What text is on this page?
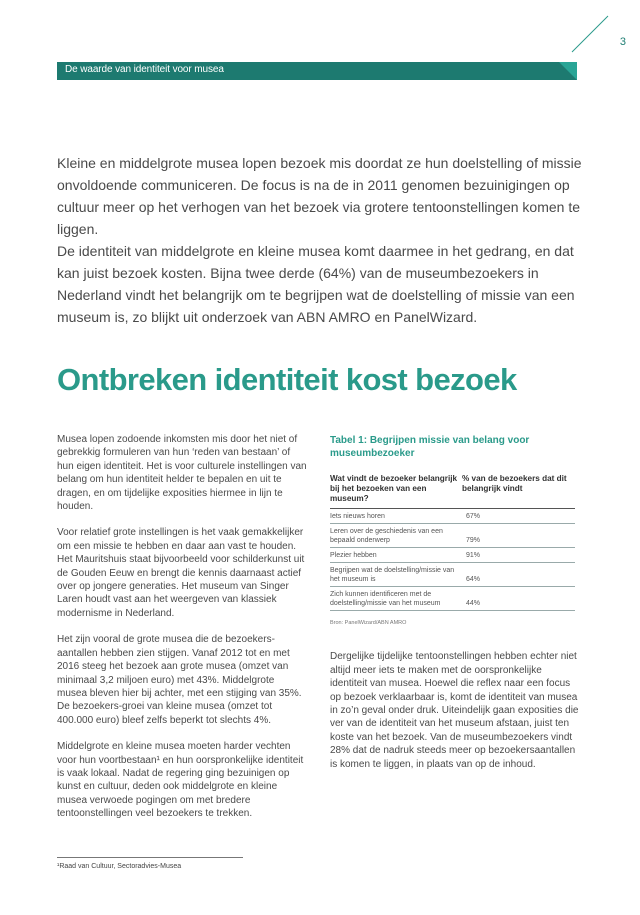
3
De waarde van identiteit voor musea

Kleine en middelgrote musea lopen bezoek mis doordat ze hun doelstelling of missie onvoldoende communiceren. De focus is na de in 2011 genomen bezuinigingen op cultuur meer op het verhogen van het bezoek via grotere tentoonstellingen komen te liggen.

De identiteit van middelgrote en kleine musea komt daarmee in het gedrang, en dat kan juist bezoek kosten. Bijna twee derde (64%) van de museumbezoekers in Nederland vindt het belangrijk om te begrijpen wat de doelstelling of missie van een museum is, zo blijkt uit onderzoek van ABN AMRO en PanelWizard.

Ontbreken identiteit kost bezoek

Musea lopen zodoende inkomsten mis door het niet of gebrekkig formuleren van hun ‘reden van bestaan’ of hun eigen identiteit. Het is voor culturele instellingen van belang om hun identiteit helder te bepalen en uit te dragen, en om tijdelijke exposities hiermee in lijn te houden.

Voor relatief grote instellingen is het vaak gemakkelijker om een missie te hebben en daar aan vast te houden. Het Mauritshuis staat bijvoorbeeld voor schilderkunst uit de Gouden Eeuw en brengt die kennis daarnaast actief over op jongere generaties. Het museum van Singer Laren houdt vast aan het weergeven van klassiek modernisme in Nederland.

Het zijn vooral de grote musea die de bezoekers-aantallen hebben zien stijgen. Vanaf 2012 tot en met 2016 steeg het bezoek aan grote musea (omzet van minimaal 3,2 miljoen euro) met 43%. Middelgrote musea bleven hier bij achter, met een stijging van 35%. De bezoekers-groei van kleine musea (omzet tot 400.000 euro) bleef zelfs beperkt tot slechts 4%.

Middelgrote en kleine musea moeten harder vechten voor hun voortbestaan¹ en hun oorspronkelijke identiteit is vaak lokaal. Nadat de regering ging bezuinigen op kunst en cultuur, deden ook middelgrote en kleine musea verwoede pogingen om met bredere tentoonstellingen veel bezoekers te trekken.

Tabel 1: Begrijpen missie van belang voor museumbezoeker
Wat vindt de bezoeker belangrijk bij het bezoeken van een museum?	% van de bezoekers dat dit belangrijk vindt
Iets nieuws horen	67%
Leren over de geschiedenis van een bepaald onderwerp	79%
Plezier hebben	91%
Begrijpen wat de doelstelling/missie van het museum is	64%
Zich kunnen identificeren met de doelstelling/missie van het museum	44%
Bron: PanelWizard/ABN AMRO

Dergelijke tijdelijke tentoonstellingen hebben echter niet altijd meer iets te maken met de oorspronkelijke identiteit van musea. Hoewel die reflex naar een focus op bezoek verklaarbaar is, komt de identiteit van musea in zo’n geval onder druk. Uiteindelijk gaan exposities die ver van de identiteit van het museum afstaan, juist ten koste van het bezoek. Van de museumbezoekers vindt 28% dat de nadruk steeds meer op bezoekersaantallen is komen te liggen, in plaats van op de inhoud.

¹Raad van Cultuur, Sectoradvies-Musea
